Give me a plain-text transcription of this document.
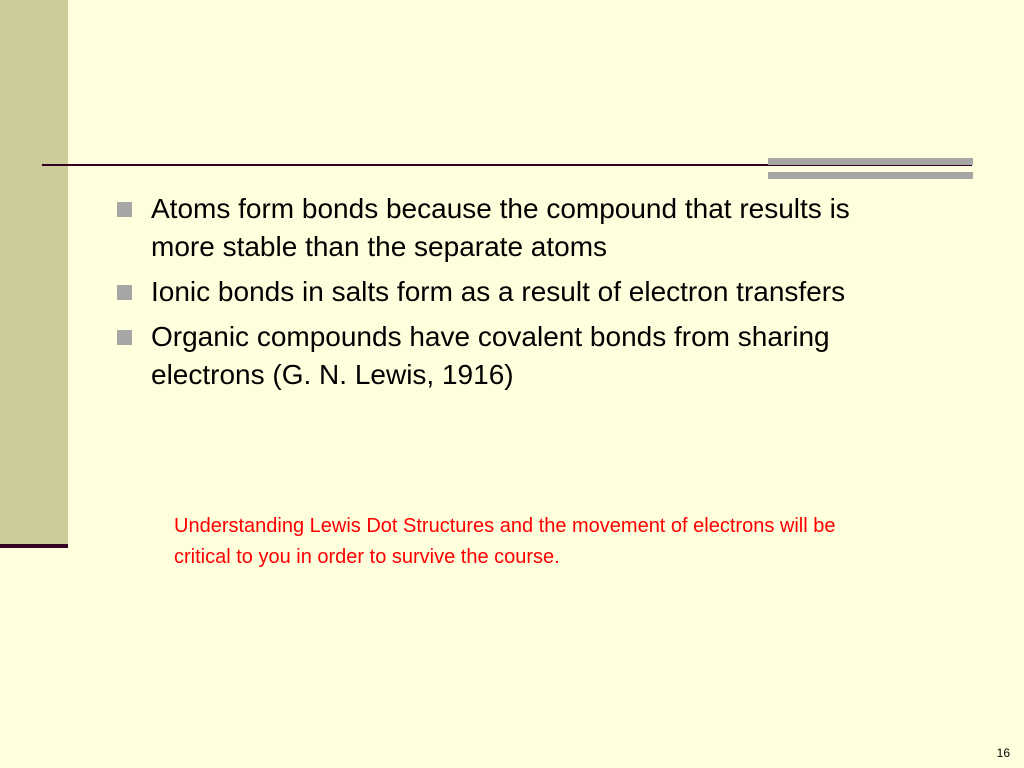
Atoms form bonds because the compound that results is more stable than the separate atoms
Ionic bonds in salts form as a result of electron transfers
Organic compounds have covalent bonds from sharing electrons (G. N. Lewis, 1916)

Understanding Lewis Dot Structures and the movement of electrons will be critical to you in order to survive the course.

16
